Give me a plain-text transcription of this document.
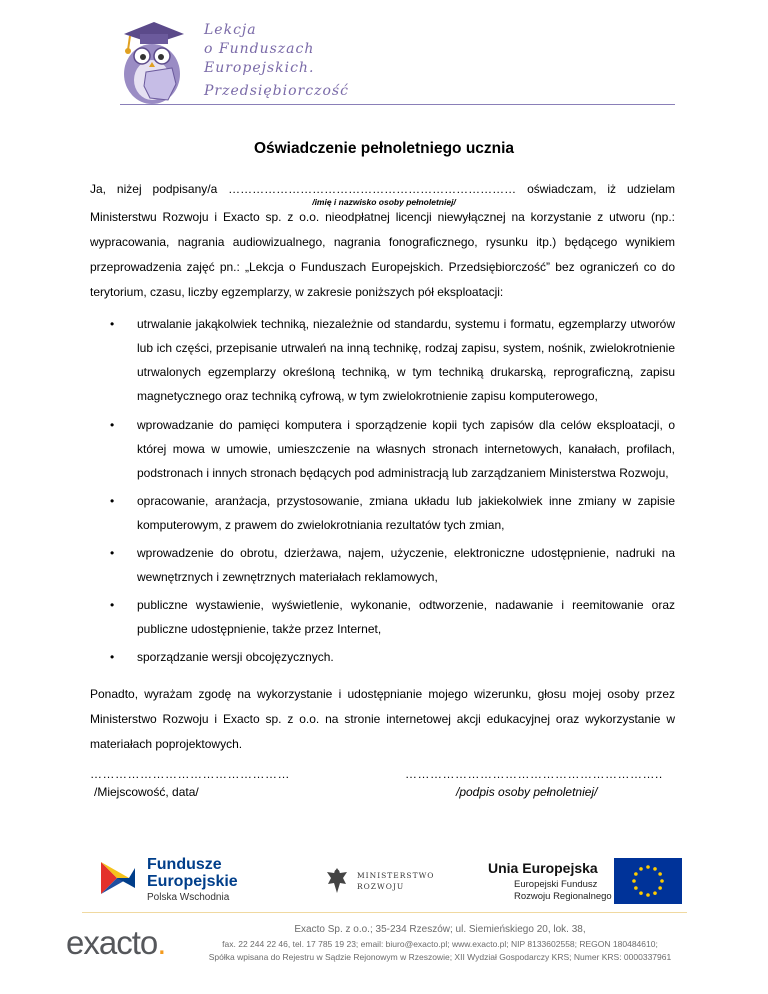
Lekcja
o Funduszach
Europejskich.
Przedsiębiorczość
Oświadczenie pełnoletniego ucznia
Ja, niżej podpisany/a ……………………………………………………………… oświadczam, iż udzielam
/imię i nazwisko osoby pełnoletniej/
Ministerstwu Rozwoju i Exacto sp. z o.o. nieodpłatnej licencji niewyłącznej na korzystanie z utworu (np.: wypracowania, nagrania audiowizualnego, nagrania fonograficznego, rysunku itp.) będącego wynikiem przeprowadzenia zajęć pn.: „Lekcja o Funduszach Europejskich. Przedsiębiorczość” bez ograniczeń co do terytorium, czasu, liczby egzemplarzy, w zakresie poniższych pół eksploatacji:
• utrwalanie jakąkolwiek techniką, niezależnie od standardu, systemu i formatu, egzemplarzy utworów lub ich części, przepisanie utrwaleń na inną technikę, rodzaj zapisu, system, nośnik, zwielokrotnienie utrwalonych egzemplarzy określoną techniką, w tym techniką drukarską, reprograficzną, zapisu magnetycznego oraz techniką cyfrową, w tym zwielokrotnienie zapisu komputerowego,
• wprowadzanie do pamięci komputera i sporządzenie kopii tych zapisów dla celów eksploatacji, o której mowa w umowie, umieszczenie na własnych stronach internetowych, kanałach, profilach, podstronach i innych stronach będących pod administracją lub zarządzaniem Ministerstwa Rozwoju,
• opracowanie, aranżacja, przystosowanie, zmiana układu lub jakiekolwiek inne zmiany w zapisie komputerowym, z prawem do zwielokrotniania rezultatów tych zmian,
• wprowadzenie do obrotu, dzierżawa, najem, użyczenie, elektroniczne udostępnienie, nadruki na wewnętrznych i zewnętrznych materiałach reklamowych,
• publiczne wystawienie, wyświetlenie, wykonanie, odtworzenie, nadawanie i reemitowanie oraz publiczne udostępnienie, także przez Internet,
• sporządzanie wersji obcojęzycznych.
Ponadto, wyrażam zgodę na wykorzystanie i udostępnianie mojego wizerunku, głosu mojej osoby przez Ministerstwo Rozwoju i Exacto sp. z o.o. na stronie internetowej akcji edukacyjnej oraz wykorzystanie w materiałach poprojektowych.
…………………………………………	……………………………………………………..
/Miejscowość, data/	/podpis osoby pełnoletniej/
Fundusze
Europejskie
Polska Wschodnia
MINISTERSTWO
ROZWOJU
Unia Europejska
Europejski Fundusz
Rozwoju Regionalnego
exacto.	Exacto Sp. z o.o.; 35-234 Rzeszów; ul. Siemieńskiego 20, lok. 38,
fax. 22 244 22 46, tel. 17 785 19 23; email: biuro@exacto.pl; www.exacto.pl; NIP 8133602558; REGON 180484610;
Spółka wpisana do Rejestru w Sądzie Rejonowym w Rzeszowie; XII Wydział Gospodarczy KRS; Numer KRS: 0000337961
